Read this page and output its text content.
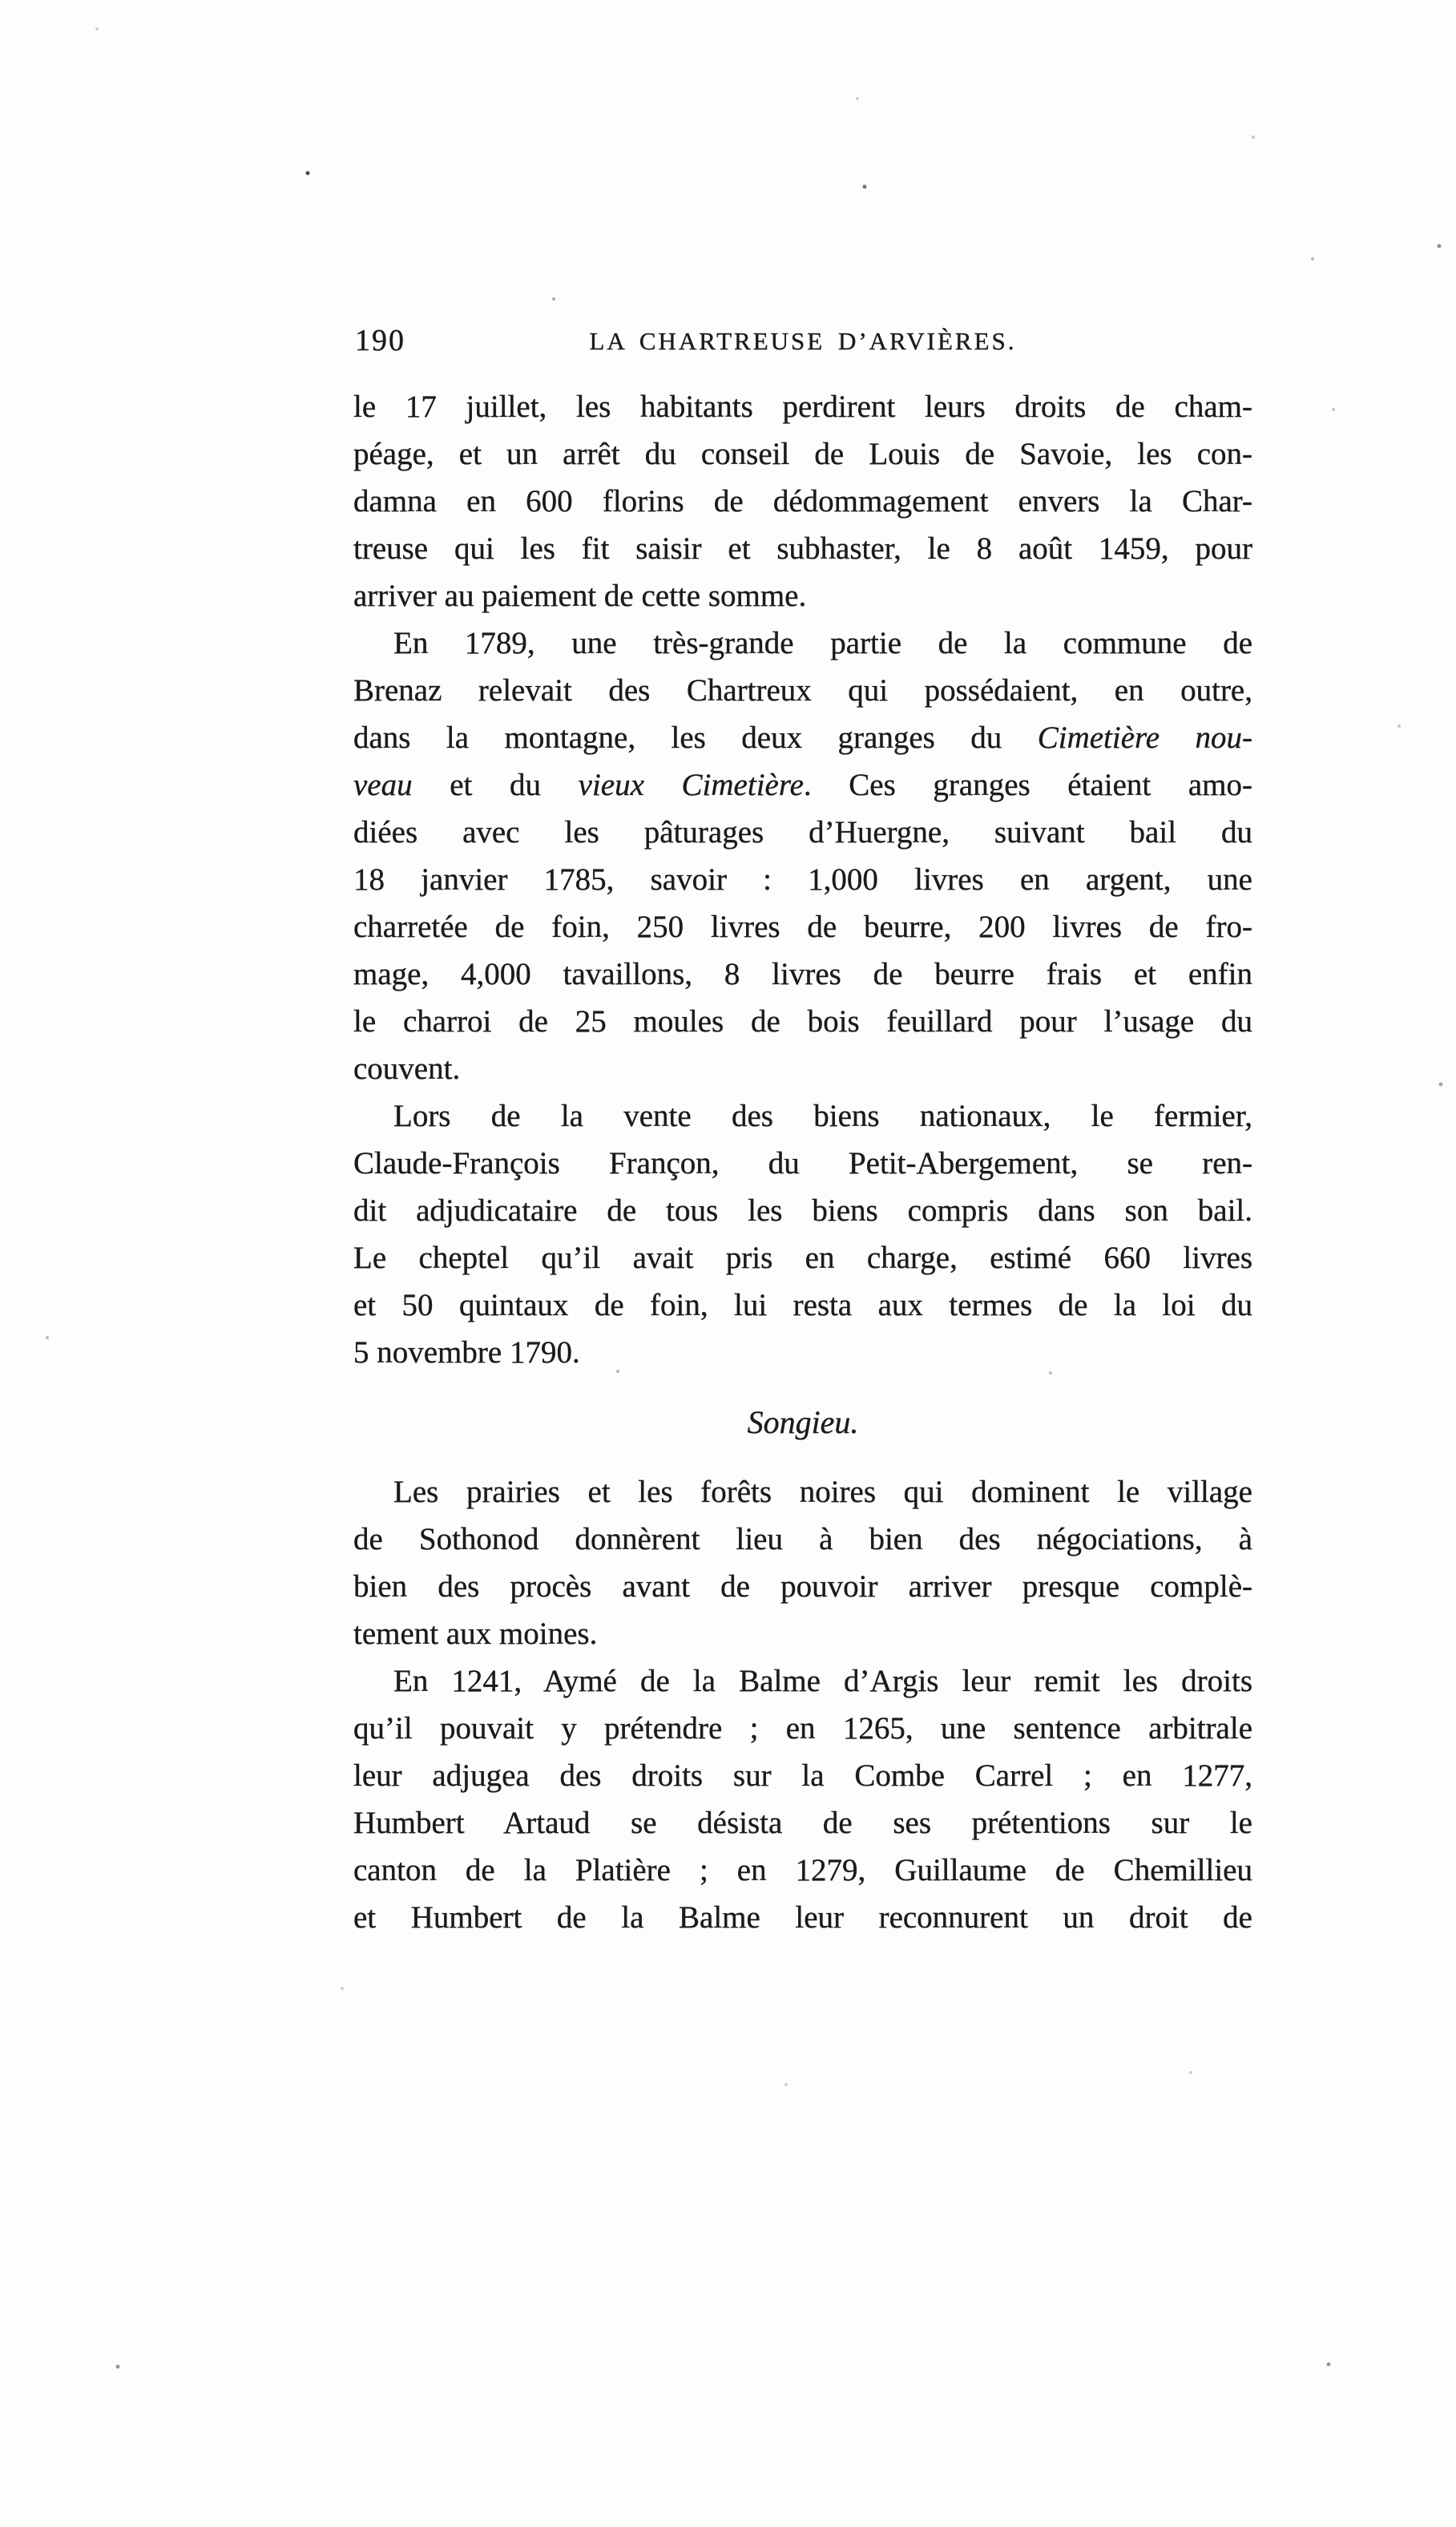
190	LA CHARTREUSE D’ARVIÈRES.
le 17 juillet, les habitants perdirent leurs droits de cham-
péage, et un arrêt du conseil de Louis de Savoie, les con-
damna en 600 florins de dédommagement envers la Char-
treuse qui les fit saisir et subhaster, le 8 août 1459, pour
arriver au paiement de cette somme.
En 1789, une très-grande partie de la commune de
Brenaz relevait des Chartreux qui possédaient, en outre,
dans la montagne, les deux granges du Cimetière nou-
veau et du vieux Cimetière. Ces granges étaient amo-
diées avec les pâturages d’Huergne, suivant bail du
18 janvier 1785, savoir : 1,000 livres en argent, une
charretée de foin, 250 livres de beurre, 200 livres de fro-
mage, 4,000 tavaillons, 8 livres de beurre frais et enfin
le charroi de 25 moules de bois feuillard pour l’usage du
couvent.
Lors de la vente des biens nationaux, le fermier,
Claude-François Françon, du Petit-Abergement, se ren-
dit adjudicataire de tous les biens compris dans son bail.
Le cheptel qu’il avait pris en charge, estimé 660 livres
et 50 quintaux de foin, lui resta aux termes de la loi du
5 novembre 1790.
Songieu.
Les prairies et les forêts noires qui dominent le village
de Sothonod donnèrent lieu à bien des négociations, à
bien des procès avant de pouvoir arriver presque complè-
tement aux moines.
En 1241, Aymé de la Balme d’Argis leur remit les droits
qu’il pouvait y prétendre ; en 1265, une sentence arbitrale
leur adjugea des droits sur la Combe Carrel ; en 1277,
Humbert Artaud se désista de ses prétentions sur le
canton de la Platière ; en 1279, Guillaume de Chemillieu
et Humbert de la Balme leur reconnurent un droit de
